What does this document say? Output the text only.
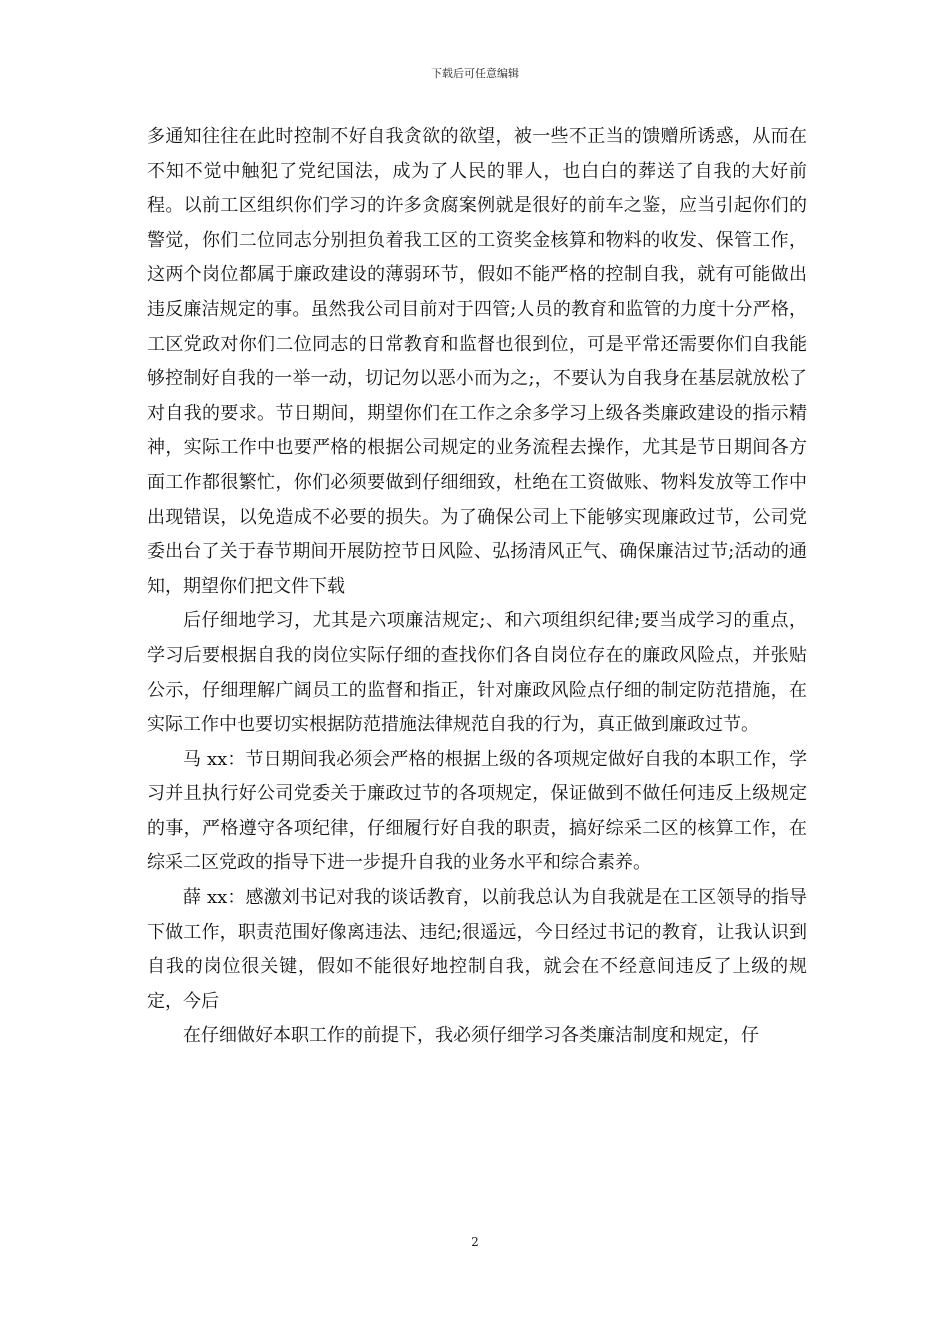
下载后可任意编辑

多通知往往在此时控制不好自我贪欲的欲望，被一些不正当的馈赠所诱惑，从而在不知不觉中触犯了党纪国法，成为了人民的罪人，也白白的葬送了自我的大好前程。以前工区组织你们学习的许多贪腐案例就是很好的前车之鉴，应当引起你们的警觉，你们二位同志分别担负着我工区的工资奖金核算和物料的收发、保管工作，这两个岗位都属于廉政建设的薄弱环节，假如不能严格的控制自我，就有可能做出违反廉洁规定的事。虽然我公司目前对于四管;人员的教育和监管的力度十分严格，工区党政对你们二位同志的日常教育和监督也很到位，可是平常还需要你们自我能够控制好自我的一举一动，切记勿以恶小而为之;，不要认为自我身在基层就放松了对自我的要求。节日期间，期望你们在工作之余多学习上级各类廉政建设的指示精神，实际工作中也要严格的根据公司规定的业务流程去操作，尤其是节日期间各方面工作都很繁忙，你们必须要做到仔细细致，杜绝在工资做账、物料发放等工作中出现错误，以免造成不必要的损失。为了确保公司上下能够实现廉政过节，公司党委出台了关于春节期间开展防控节日风险、弘扬清风正气、确保廉洁过节;活动的通知，期望你们把文件下载

后仔细地学习，尤其是六项廉洁规定;、和六项组织纪律;要当成学习的重点，学习后要根据自我的岗位实际仔细的查找你们各自岗位存在的廉政风险点，并张贴公示，仔细理解广阔员工的监督和指正，针对廉政风险点仔细的制定防范措施，在实际工作中也要切实根据防范措施法律规范自我的行为，真正做到廉政过节。

马 xx：节日期间我必须会严格的根据上级的各项规定做好自我的本职工作，学习并且执行好公司党委关于廉政过节的各项规定，保证做到不做任何违反上级规定的事，严格遵守各项纪律，仔细履行好自我的职责，搞好综采二区的核算工作，在综采二区党政的指导下进一步提升自我的业务水平和综合素养。

薛 xx：感激刘书记对我的谈话教育，以前我总认为自我就是在工区领导的指导下做工作，职责范围好像离违法、违纪;很遥远，今日经过书记的教育，让我认识到自我的岗位很关键，假如不能很好地控制自我，就会在不经意间违反了上级的规定，今后

在仔细做好本职工作的前提下，我必须仔细学习各类廉洁制度和规定，仔

2
